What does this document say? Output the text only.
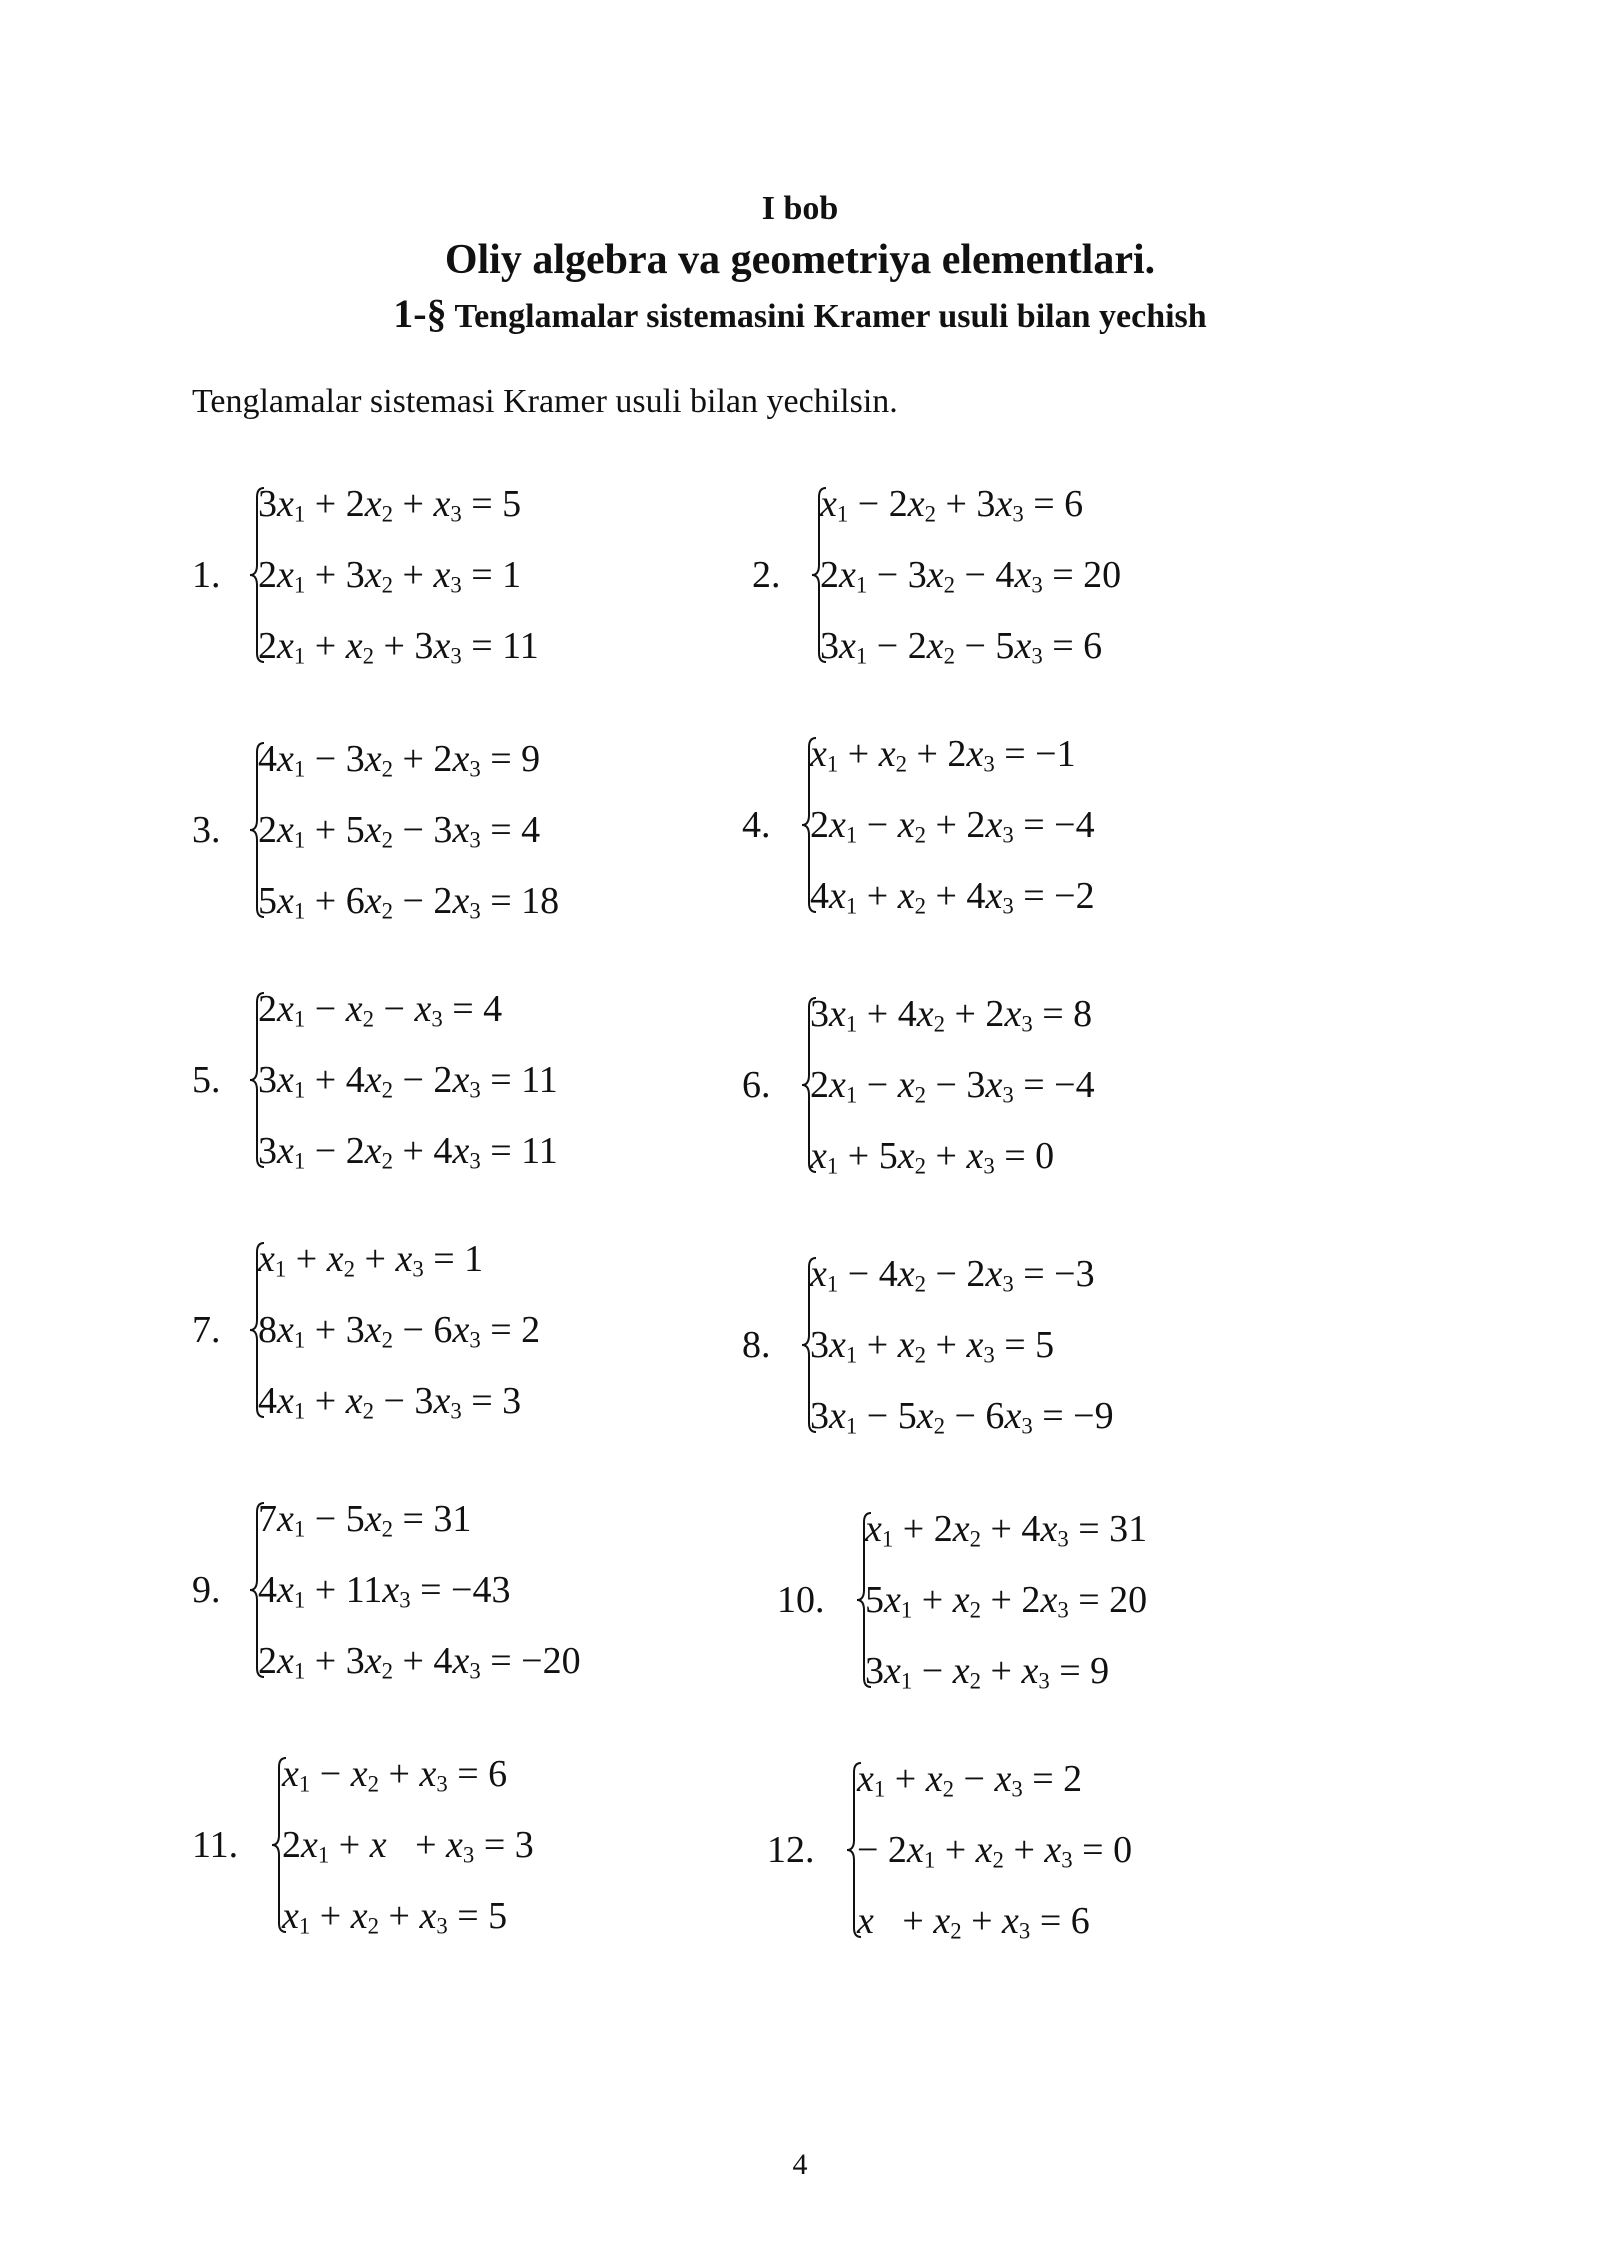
I bob
Oliy algebra va geometriya elementlari.
1-§ Tenglamalar sistemasini Kramer usuli bilan yechish
Tenglamalar sistemasi Kramer usuli bilan yechilsin.
1.
$3x_1 + 2x_2 + x_3 = 5$
$2x_1 + 3x_2 + x_3 = 1$
$2x_1 + x_2 + 3x_3 = 11$
2.
$x_1 - 2x_2 + 3x_3 = 6$
$2x_1 - 3x_2 - 4x_3 = 20$
$3x_1 - 2x_2 - 5x_3 = 6$
3.
$4x_1 - 3x_2 + 2x_3 = 9$
$2x_1 + 5x_2 - 3x_3 = 4$
$5x_1 + 6x_2 - 2x_3 = 18$
4.
$x_1 + x_2 + 2x_3 = -1$
$2x_1 - x_2 + 2x_3 = -4$
$4x_1 + x_2 + 4x_3 = -2$
5.
$2x_1 - x_2 - x_3 = 4$
$3x_1 + 4x_2 - 2x_3 = 11$
$3x_1 - 2x_2 + 4x_3 = 11$
6.
$3x_1 + 4x_2 + 2x_3 = 8$
$2x_1 - x_2 - 3x_3 = -4$
$x_1 + 5x_2 + x_3 = 0$
7.
$x_1 + x_2 + x_3 = 1$
$8x_1 + 3x_2 - 6x_3 = 2$
$4x_1 + x_2 - 3x_3 = 3$
8.
$x_1 - 4x_2 - 2x_3 = -3$
$3x_1 + x_2 + x_3 = 5$
$3x_1 - 5x_2 - 6x_3 = -9$
9.
$7x_1 - 5x_2 = 31$
$4x_1 + 11x_3 = -43$
$2x_1 + 3x_2 + 4x_3 = -20$
10.
$x_1 + 2x_2 + 4x_3 = 31$
$5x_1 + x_2 + 2x_3 = 20$
$3x_1 - x_2 + x_3 = 9$
11.
$x_1 - x_2 + x_3 = 6$
$2x_1 + x + x_3 = 3$
$x_1 + x_2 + x_3 = 5$
12.
$x_1 + x_2 - x_3 = 2$
− $2x_1 + x_2 + x_3 = 0$
$x + x_2 + x_3 = 6$
4
